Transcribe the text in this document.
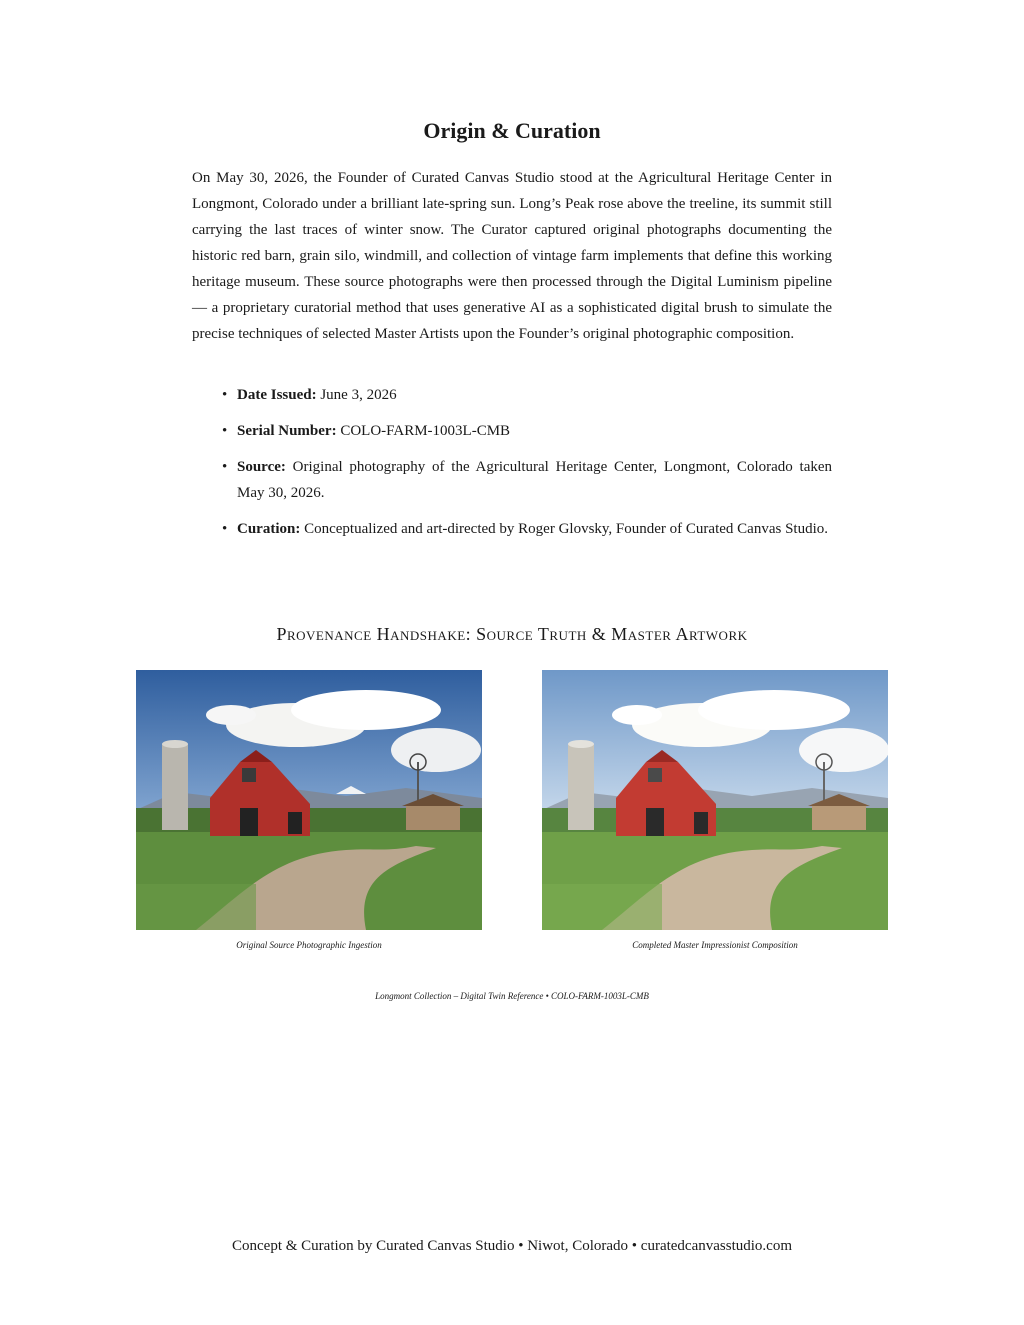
Origin & Curation

On May 30, 2026, the Founder of Curated Canvas Studio stood at the Agricultural Heritage Center in Longmont, Colorado under a brilliant late-spring sun. Long’s Peak rose above the treeline, its summit still carrying the last traces of winter snow. The Curator captured original photographs documenting the historic red barn, grain silo, windmill, and collection of vintage farm implements that define this working heritage museum. These source photographs were then processed through the Digital Luminism pipeline — a proprietary curatorial method that uses generative AI as a sophisticated digital brush to simulate the precise techniques of selected Master Artists upon the Founder’s original photographic composition.

• Date Issued: June 3, 2026
• Serial Number: COLO-FARM-1003L-CMB
• Source: Original photography of the Agricultural Heritage Center, Longmont, Colorado taken May 30, 2026.
• Curation: Conceptualized and art-directed by Roger Glovsky, Founder of Curated Canvas Studio.
Provenance Handshake: Source Truth & Master Artwork
Original Source Photographic Ingestion	Completed Master Impressionist Composition
Longmont Collection – Digital Twin Reference • COLO-FARM-1003L-CMB
Concept & Curation by Curated Canvas Studio • Niwot, Colorado • curatedcanvasstudio.com
